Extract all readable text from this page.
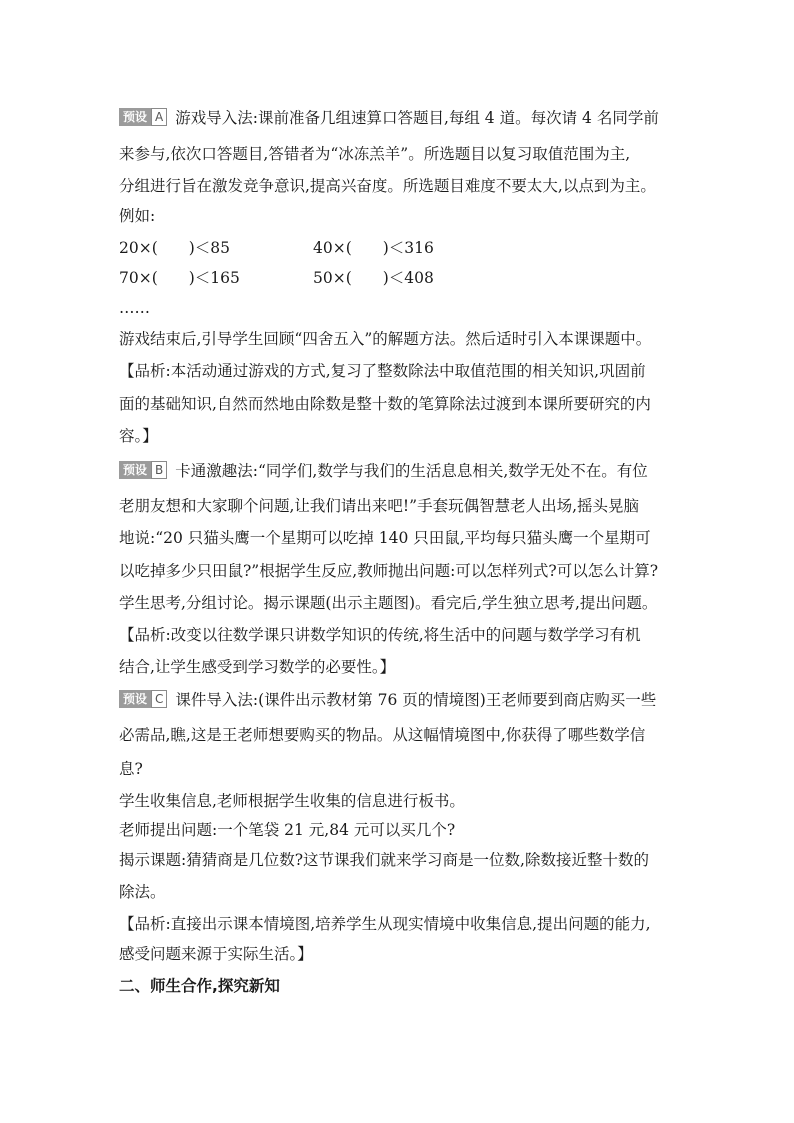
预设 A 游戏导入法:课前准备几组速算口答题目,每组 4 道。每次请 4 名同学前
来参与,依次口答题目,答错者为“冰冻羔羊”。所选题目以复习取值范围为主,
分组进行旨在激发竞争意识,提高兴奋度。所选题目难度不要太大,以点到为主。
例如:
20×(　　)＜85	40×(　　)＜316
70×(　　)＜165	50×(　　)＜408
……
游戏结束后,引导学生回顾“四舍五入”的解题方法。然后适时引入本课课题中。
【品析:本活动通过游戏的方式,复习了整数除法中取值范围的相关知识,巩固前
面的基础知识,自然而然地由除数是整十数的笔算除法过渡到本课所要研究的内
容。】
预设 B 卡通激趣法:“同学们,数学与我们的生活息息相关,数学无处不在。有位
老朋友想和大家聊个问题,让我们请出来吧!”手套玩偶智慧老人出场,摇头晃脑
地说:“20 只猫头鹰一个星期可以吃掉 140 只田鼠,平均每只猫头鹰一个星期可
以吃掉多少只田鼠?”根据学生反应,教师抛出问题:可以怎样列式?可以怎么计算?
学生思考,分组讨论。揭示课题(出示主题图)。看完后,学生独立思考,提出问题。
【品析:改变以往数学课只讲数学知识的传统,将生活中的问题与数学学习有机
结合,让学生感受到学习数学的必要性。】
预设 C 课件导入法:(课件出示教材第 76 页的情境图)王老师要到商店购买一些
必需品,瞧,这是王老师想要购买的物品。从这幅情境图中,你获得了哪些数学信
息?
学生收集信息,老师根据学生收集的信息进行板书。
老师提出问题:一个笔袋 21 元,84 元可以买几个?
揭示课题:猜猜商是几位数?这节课我们就来学习商是一位数,除数接近整十数的
除法。
【品析:直接出示课本情境图,培养学生从现实情境中收集信息,提出问题的能力,
感受问题来源于实际生活。】
二、师生合作,探究新知
